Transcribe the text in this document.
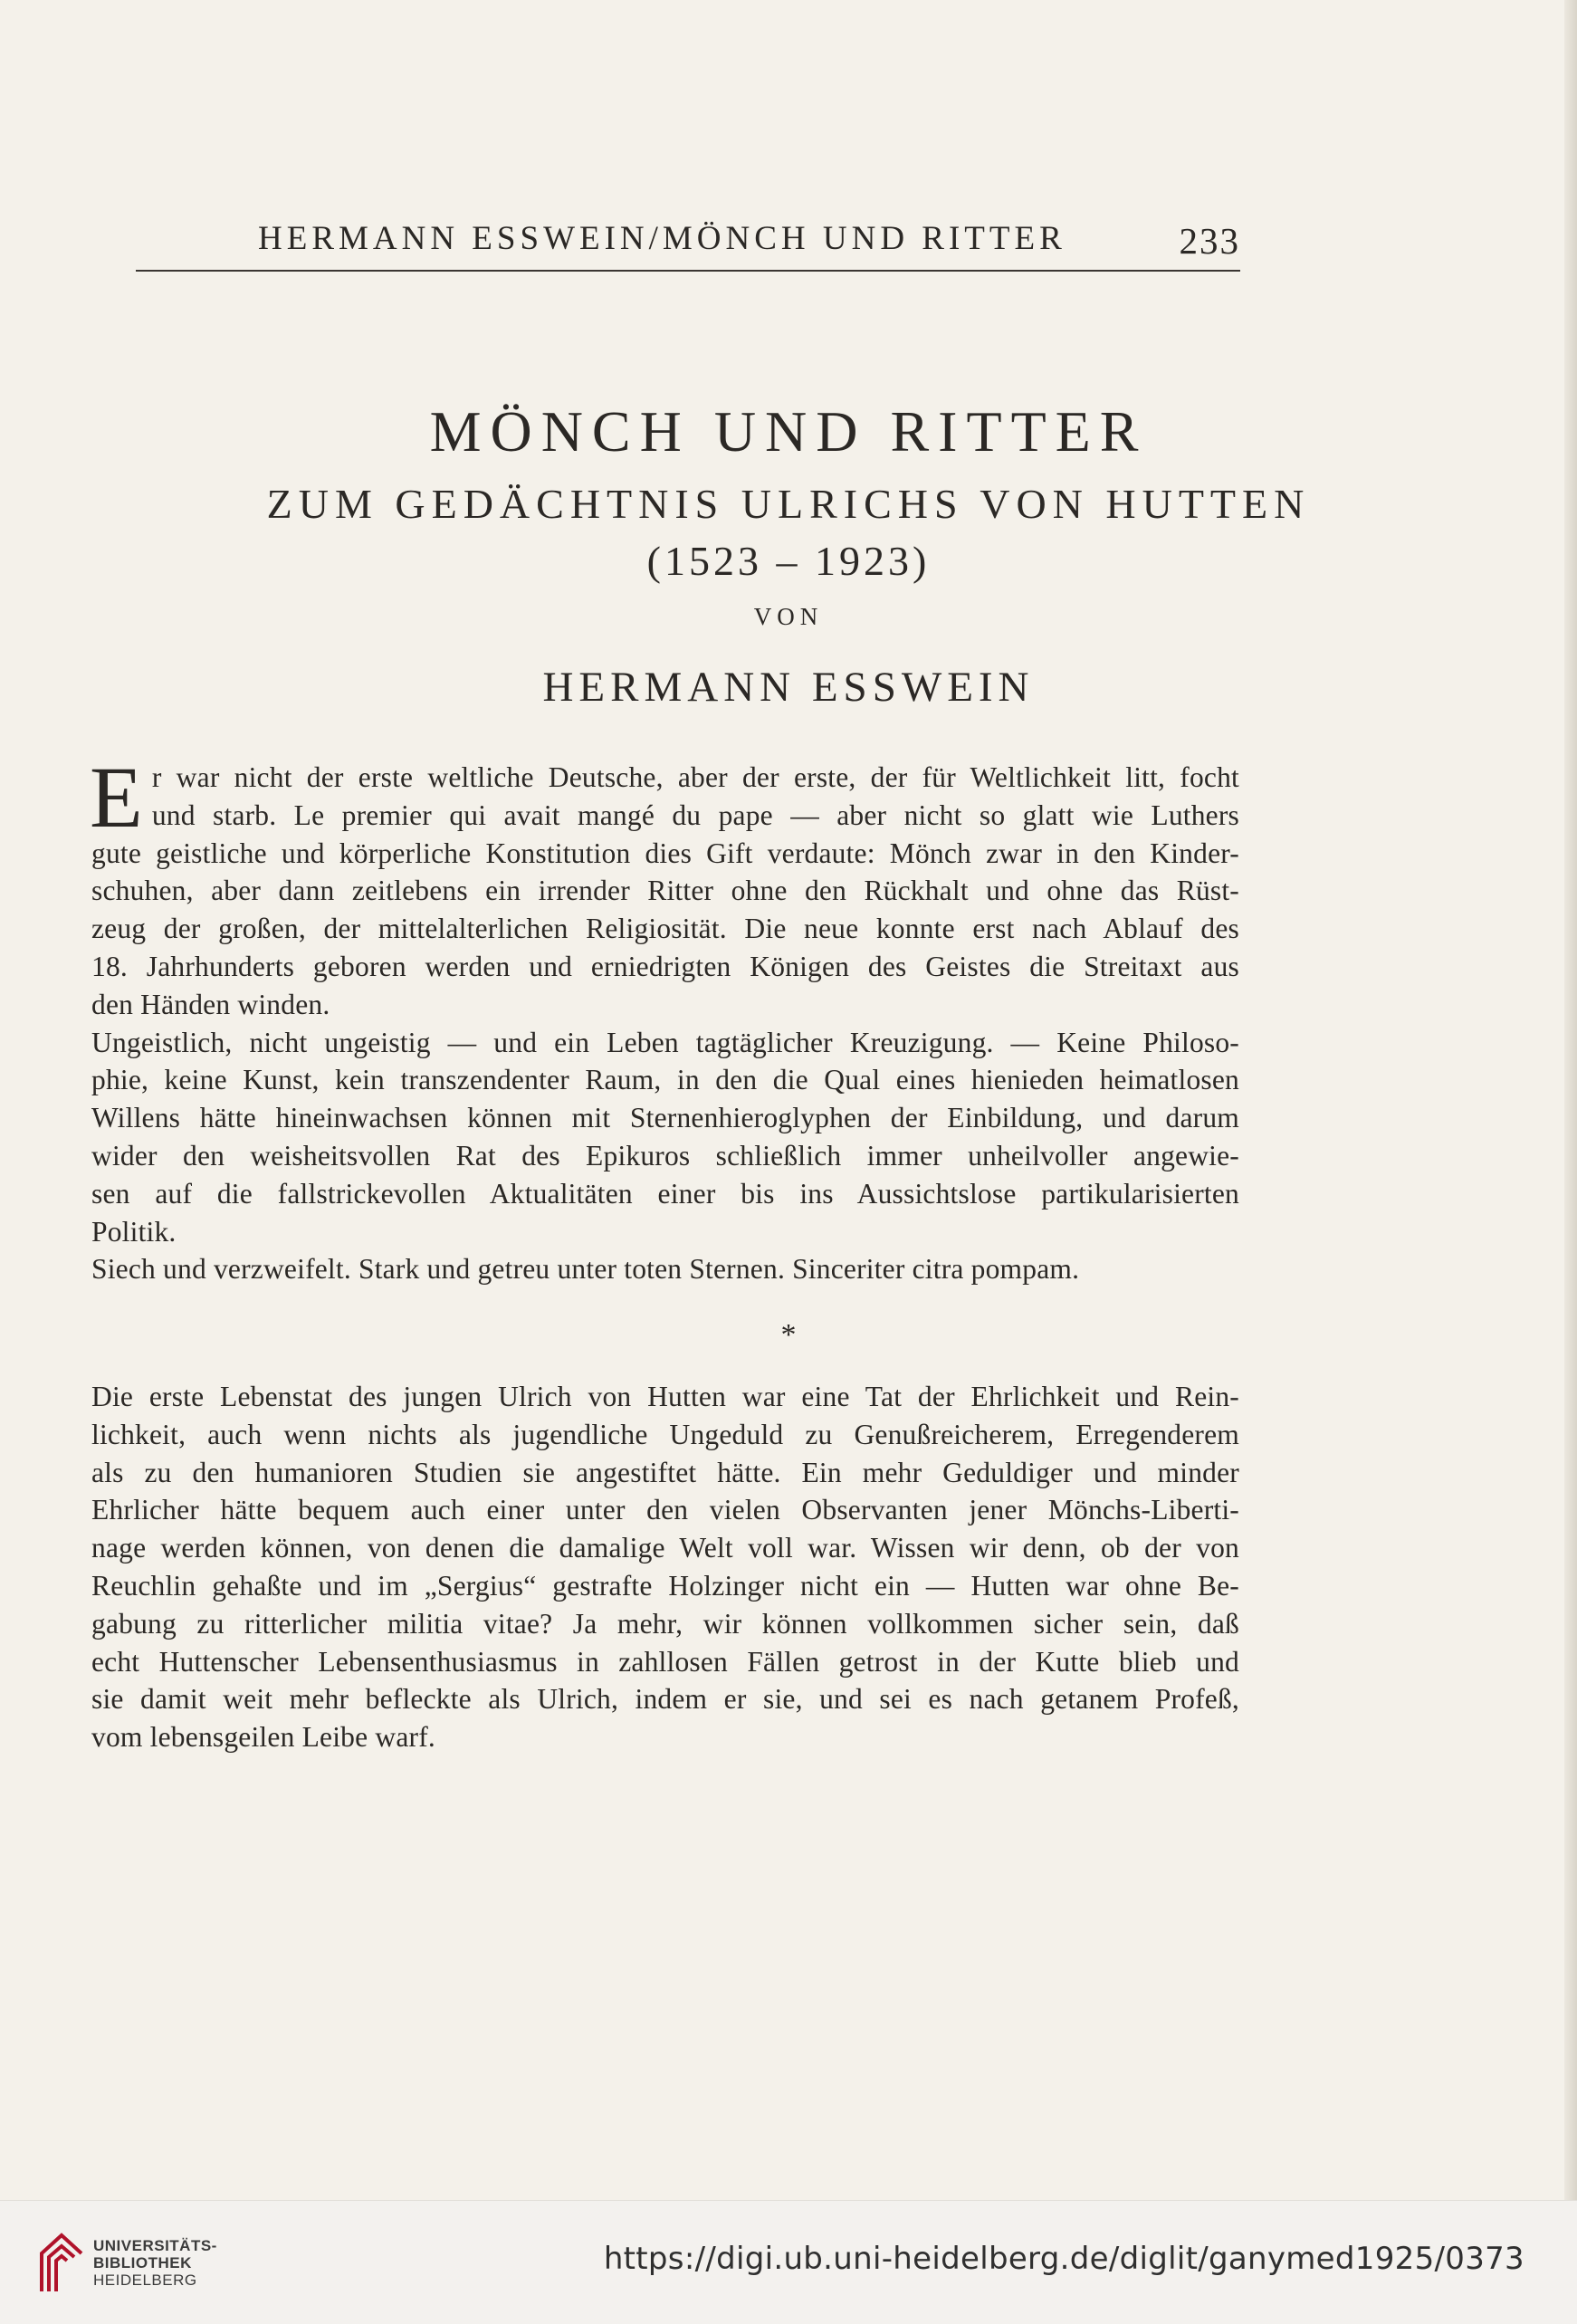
HERMANN ESSWEIN/MÖNCH UND RITTER	233
MÖNCH UND RITTER
ZUM GEDÄCHTNIS ULRICHS VON HUTTEN
(1523 – 1923)
VON
HERMANN ESSWEIN
E r war nicht der erste weltliche Deutsche, aber der erste, der für Weltlichkeit litt, focht

und starb. Le premier qui avait mangé du pape — aber nicht so glatt wie Luthers

gute geistliche und körperliche Konstitution dies Gift verdaute: Mönch zwar in den Kinder-

schuhen, aber dann zeitlebens ein irrender Ritter ohne den Rückhalt und ohne das Rüst-

zeug der großen, der mittelalterlichen Religiosität. Die neue konnte erst nach Ablauf des

18. Jahrhunderts geboren werden und erniedrigten Königen des Geistes die Streitaxt aus

den Händen winden.

Ungeistlich, nicht ungeistig — und ein Leben tagtäglicher Kreuzigung. — Keine Philoso-

phie, keine Kunst, kein transzendenter Raum, in den die Qual eines hienieden heimatlosen

Willens hätte hineinwachsen können mit Sternenhieroglyphen der Einbildung, und darum

wider den weisheitsvollen Rat des Epikuros schließlich immer unheilvoller angewie-

sen auf die fallstrickevollen Aktualitäten einer bis ins Aussichtslose partikularisierten

Politik.

Siech und verzweifelt. Stark und getreu unter toten Sternen. Sinceriter citra pompam.

*

Die erste Lebenstat des jungen Ulrich von Hutten war eine Tat der Ehrlichkeit und Rein-

lichkeit, auch wenn nichts als jugendliche Ungeduld zu Genußreicherem, Erregenderem

als zu den humanioren Studien sie angestiftet hätte. Ein mehr Geduldiger und minder

Ehrlicher hätte bequem auch einer unter den vielen Observanten jener Mönchs-Liberti-

nage werden können, von denen die damalige Welt voll war. Wissen wir denn, ob der von

Reuchlin gehaßte und im „Sergius“ gestrafte Holzinger nicht ein — Hutten war ohne Be-

gabung zu ritterlicher militia vitae? Ja mehr, wir können vollkommen sicher sein, daß

echt Huttenscher Lebensenthusiasmus in zahllosen Fällen getrost in der Kutte blieb und

sie damit weit mehr befleckte als Ulrich, indem er sie, und sei es nach getanem Profeß,

vom lebensgeilen Leibe warf.

UNIVERSITÄTS-
BIBLIOTHEK
HEIDELBERG
https://digi.ub.uni-heidelberg.de/diglit/ganymed1925/0373
